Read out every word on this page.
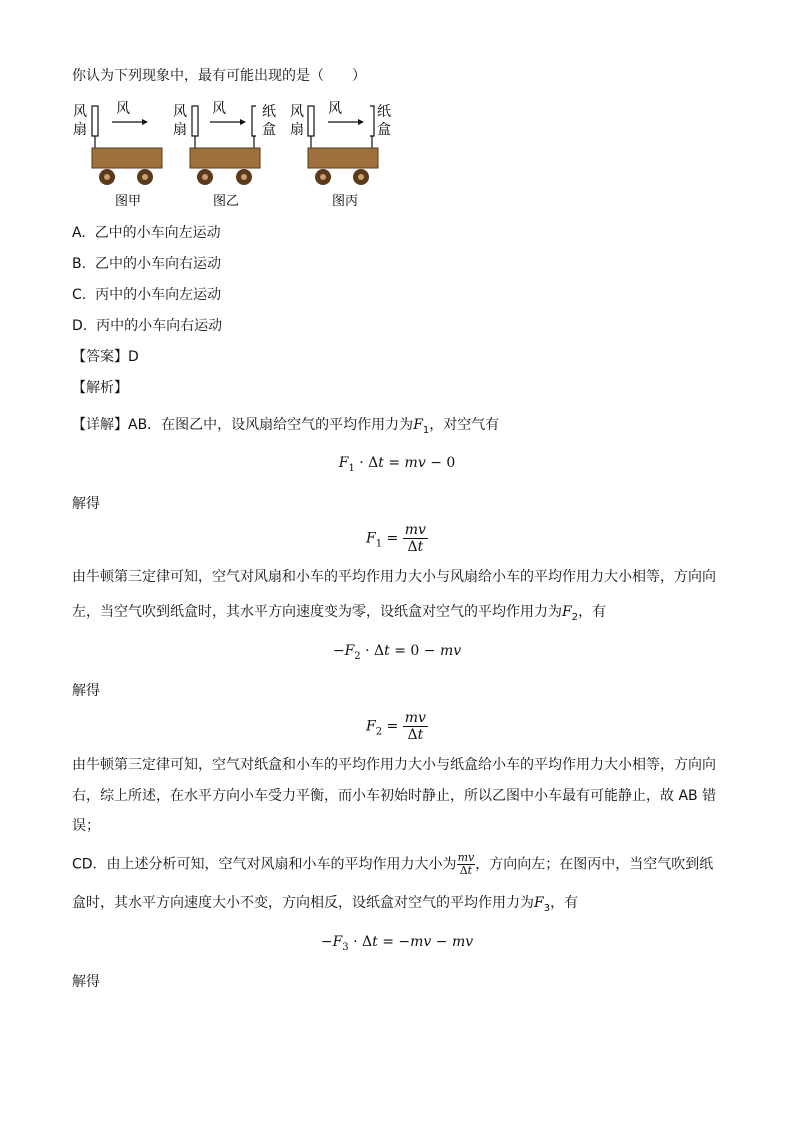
你认为下列现象中，最有可能出现的是（　　）
风
扇
风
图甲
风
扇
风	纸
盒
图乙
风
扇
风	纸
盒
图丙
A. 乙中的小车向左运动
B. 乙中的小车向右运动
C. 丙中的小车向左运动
D. 丙中的小车向右运动
【答案】D
【解析】
【详解】AB．在图乙中，设风扇给空气的平均作用力为$F_1$，对空气有
$F_1 \cdot \Delta t$ = mv − 0
解得
$F_1 = \frac{mv}{\Delta t}$
由牛顿第三定律可知，空气对风扇和小车的平均作用力大小与风扇给小车的平均作用力大小相等，方向向
左，当空气吹到纸盒时，其水平方向速度变为零，设纸盒对空气的平均作用力为$F_2$，有
$-F_2 \cdot \Delta t = 0$ − mv
解得
$F_2 = \frac{mv}{\Delta t}$
由牛顿第三定律可知，空气对纸盒和小车的平均作用力大小与纸盒给小车的平均作用力大小相等，方向向
右，综上所述，在水平方向小车受力平衡，而小车初始时静止，所以乙图中小车最有可能静止，故 AB 错
误；
CD．由上述分析可知，空气对风扇和小车的平均作用力大小为 $\frac{mv}{\Delta t}$，方向向左；在图丙中，当空气吹到纸
盒时，其水平方向速度大小不变，方向相反，设纸盒对空气的平均作用力为$F_3$，有
$-F_3 \cdot \Delta t = -mv$ − mv
解得
